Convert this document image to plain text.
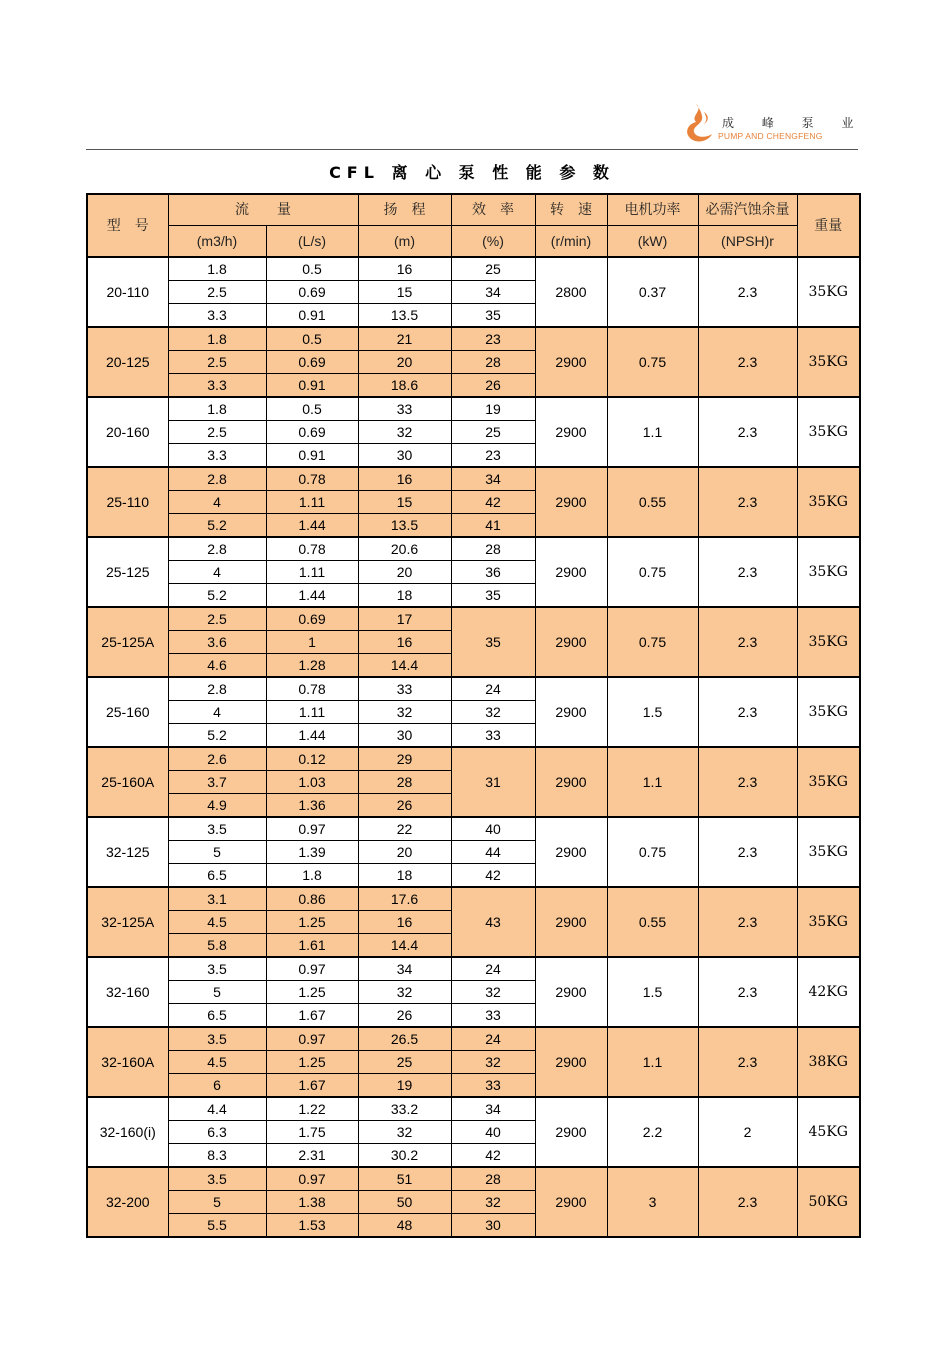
成 峰 泵 业
PUMP AND CHENGFENG
CFL 离 心 泵 性 能 参 数
型　号	流　　量		扬　程	效　率	转　速	电机功率	必需汽蚀余量	重量
	(m3/h)	(L/s)	(m)	(%)	(r/min)	(kW)	(NPSH)r	
20-110	1.8	0.5	16	25	2800	0.37	2.3	35KG
	2.5	0.69	15	34				
	3.3	0.91	13.5	35				
20-125	1.8	0.5	21	23	2900	0.75	2.3	35KG
	2.5	0.69	20	28				
	3.3	0.91	18.6	26				
20-160	1.8	0.5	33	19	2900	1.1	2.3	35KG
	2.5	0.69	32	25				
	3.3	0.91	30	23				
25-110	2.8	0.78	16	34	2900	0.55	2.3	35KG
	4	1.11	15	42				
	5.2	1.44	13.5	41				
25-125	2.8	0.78	20.6	28	2900	0.75	2.3	35KG
	4	1.11	20	36				
	5.2	1.44	18	35				
25-125A	2.5	0.69	17	35	2900	0.75	2.3	35KG
	3.6	1	16					
	4.6	1.28	14.4					
25-160	2.8	0.78	33	24	2900	1.5	2.3	35KG
	4	1.11	32	32				
	5.2	1.44	30	33				
25-160A	2.6	0.12	29	31	2900	1.1	2.3	35KG
	3.7	1.03	28					
	4.9	1.36	26					
32-125	3.5	0.97	22	40	2900	0.75	2.3	35KG
	5	1.39	20	44				
	6.5	1.8	18	42				
32-125A	3.1	0.86	17.6	43	2900	0.55	2.3	35KG
	4.5	1.25	16					
	5.8	1.61	14.4					
32-160	3.5	0.97	34	24	2900	1.5	2.3	42KG
	5	1.25	32	32				
	6.5	1.67	26	33				
32-160A	3.5	0.97	26.5	24	2900	1.1	2.3	38KG
	4.5	1.25	25	32				
	6	1.67	19	33				
32-160(i)	4.4	1.22	33.2	34	2900	2.2	2	45KG
	6.3	1.75	32	40				
	8.3	2.31	30.2	42				
32-200	3.5	0.97	51	28	2900	3	2.3	50KG
	5	1.38	50	32				
	5.5	1.53	48	30				
